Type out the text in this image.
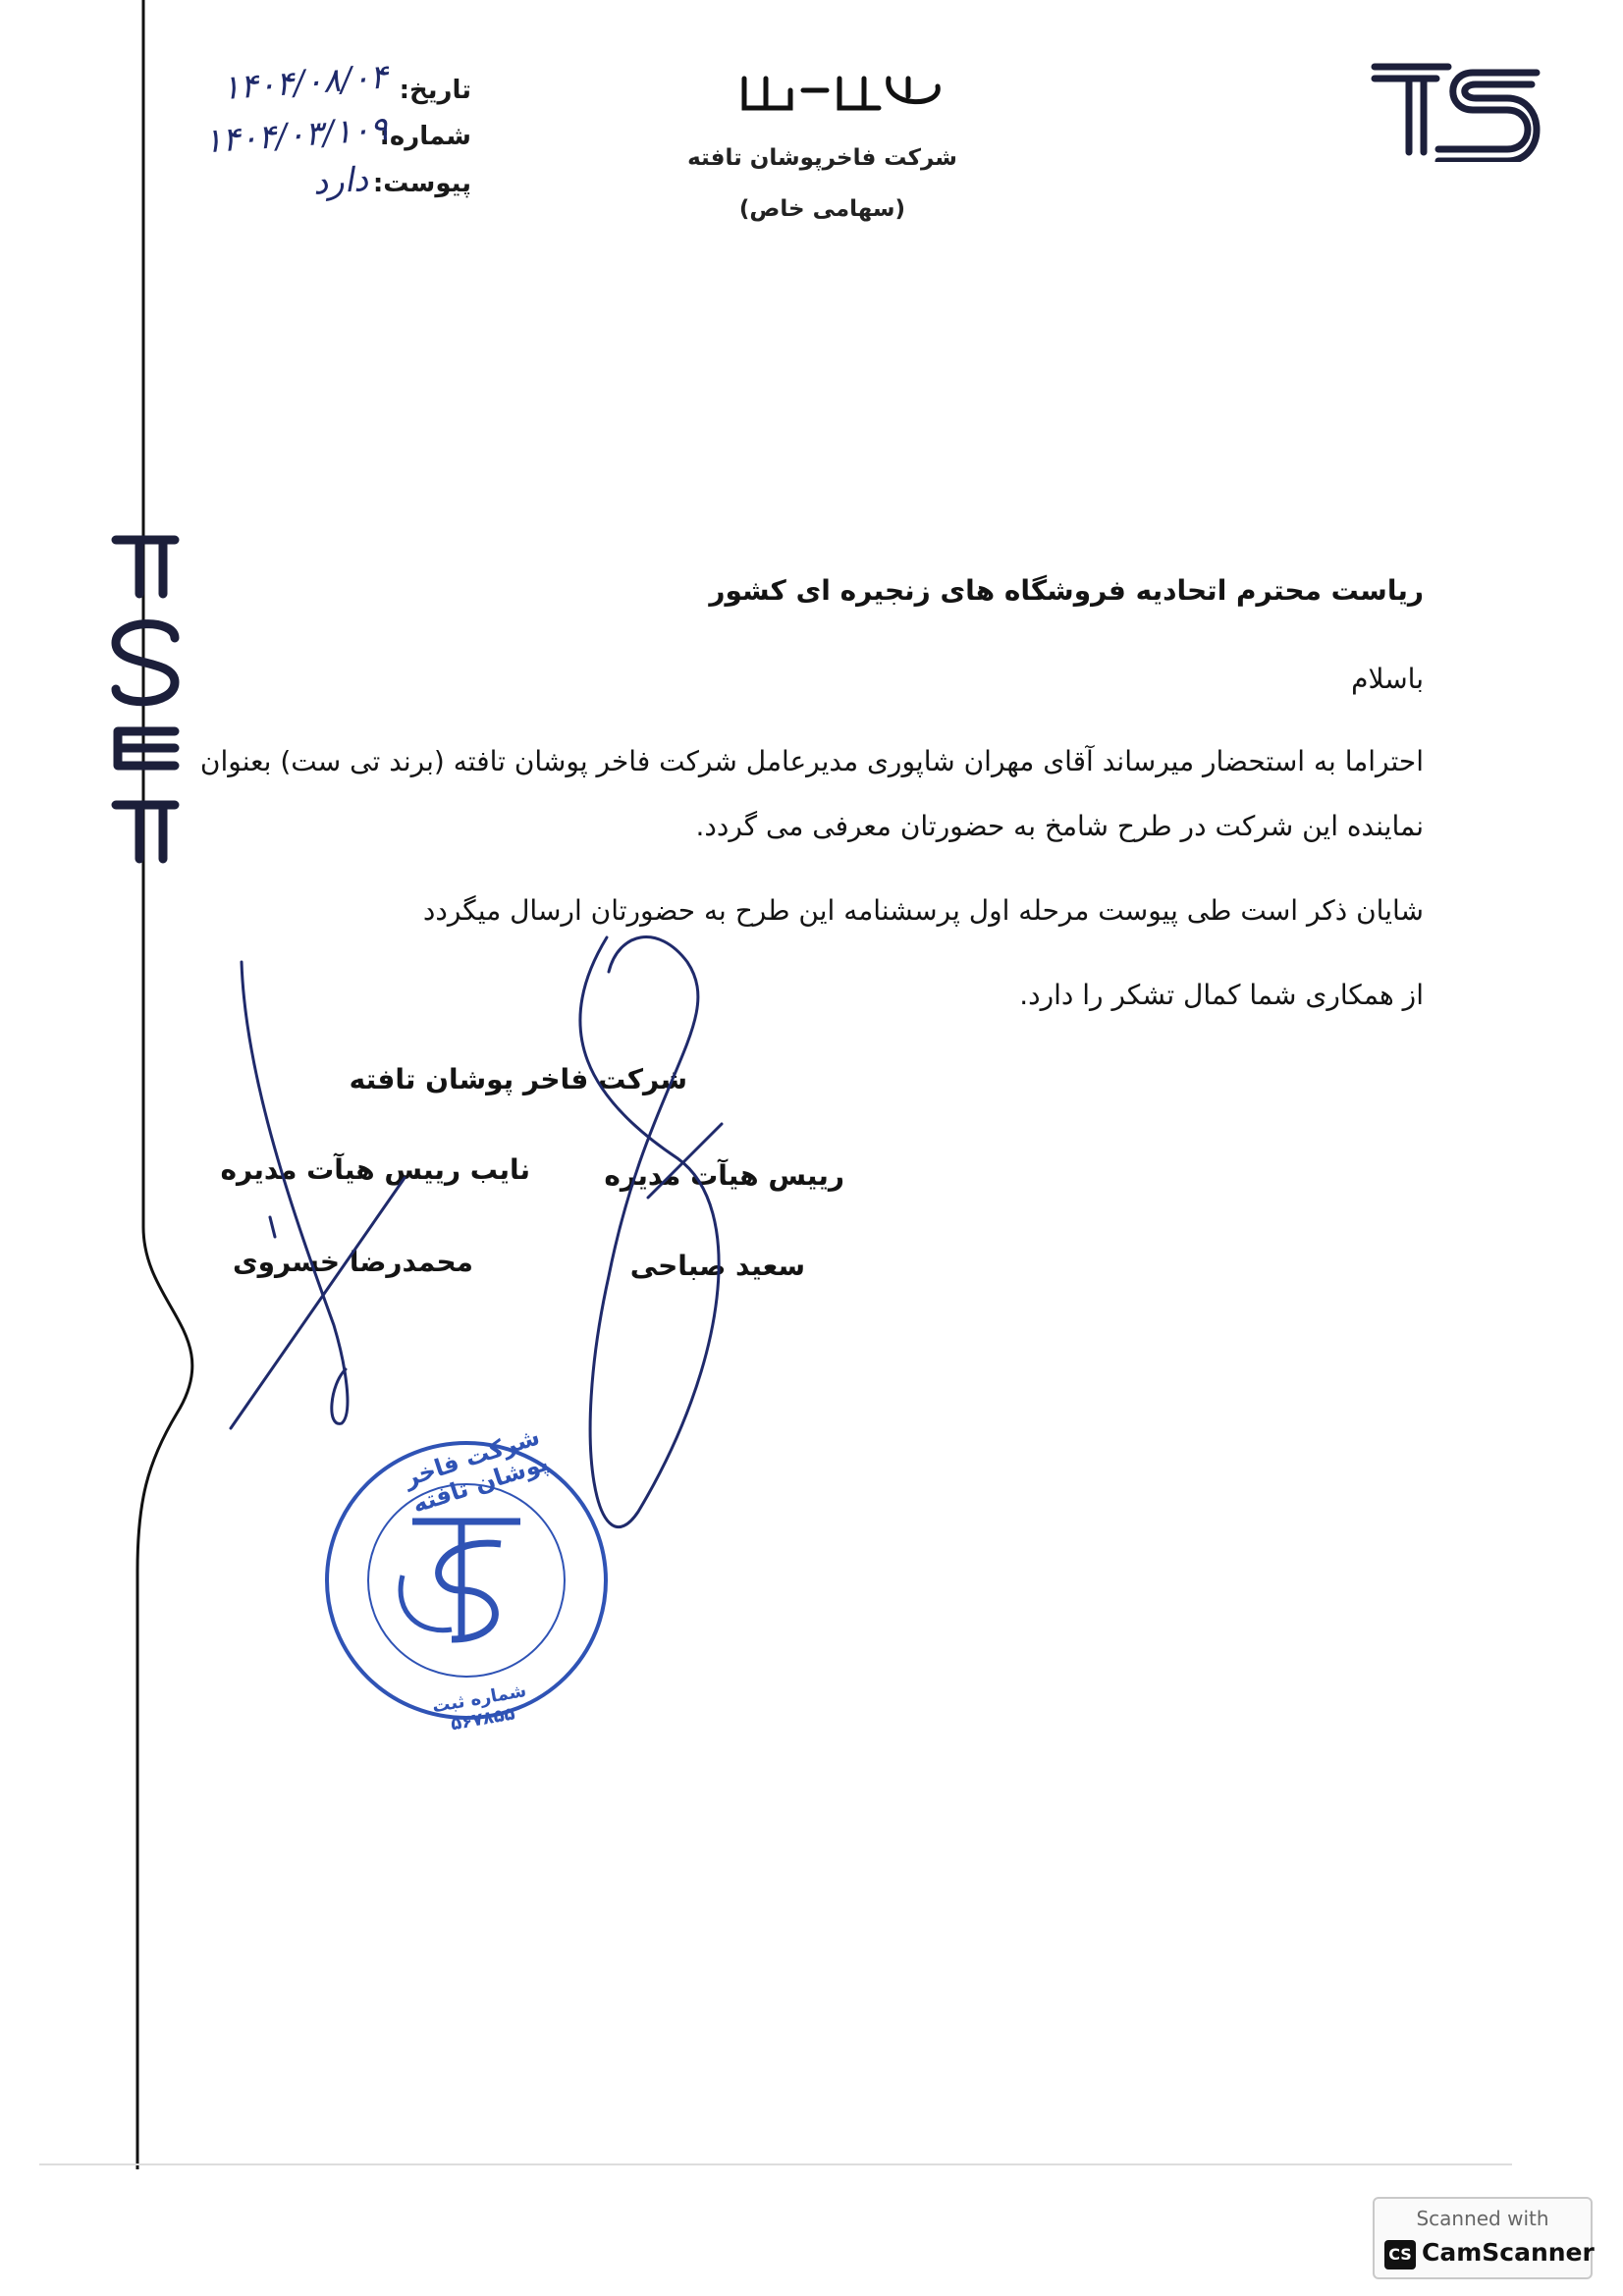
شرکت فاخرپوشان تافته
(سهامی خاص)
تاریخ:
شماره:
پیوست:
۱۴۰۴/۰۸/۰۴
۱۴۰۴/۰۳/۱۰۹
دارد
ریاست محترم اتحادیه فروشگاه های زنجیره ای کشور
باسلام
احتراما به استحضار میرساند آقای مهران شاپوری مدیرعامل شرکت فاخر پوشان تافته (برند تی ست) بعنوان
نماینده این شرکت در طرح شامخ به حضورتان معرفی می گردد.
شایان ذکر است طی پیوست مرحله اول پرسشنامه این طرح به حضورتان ارسال میگردد
از همکاری شما کمال تشکر را دارد.
شرکت فاخر پوشان تافته
رییس هیآت مدیره
سعید صباحی
نایب رییس هیآت مدیره
محمدرضا خسروی
شرکت فاخر پوشان تافته
شماره ثبت ۵۶۷۸۵۵
Scanned with
CS CamScanner
